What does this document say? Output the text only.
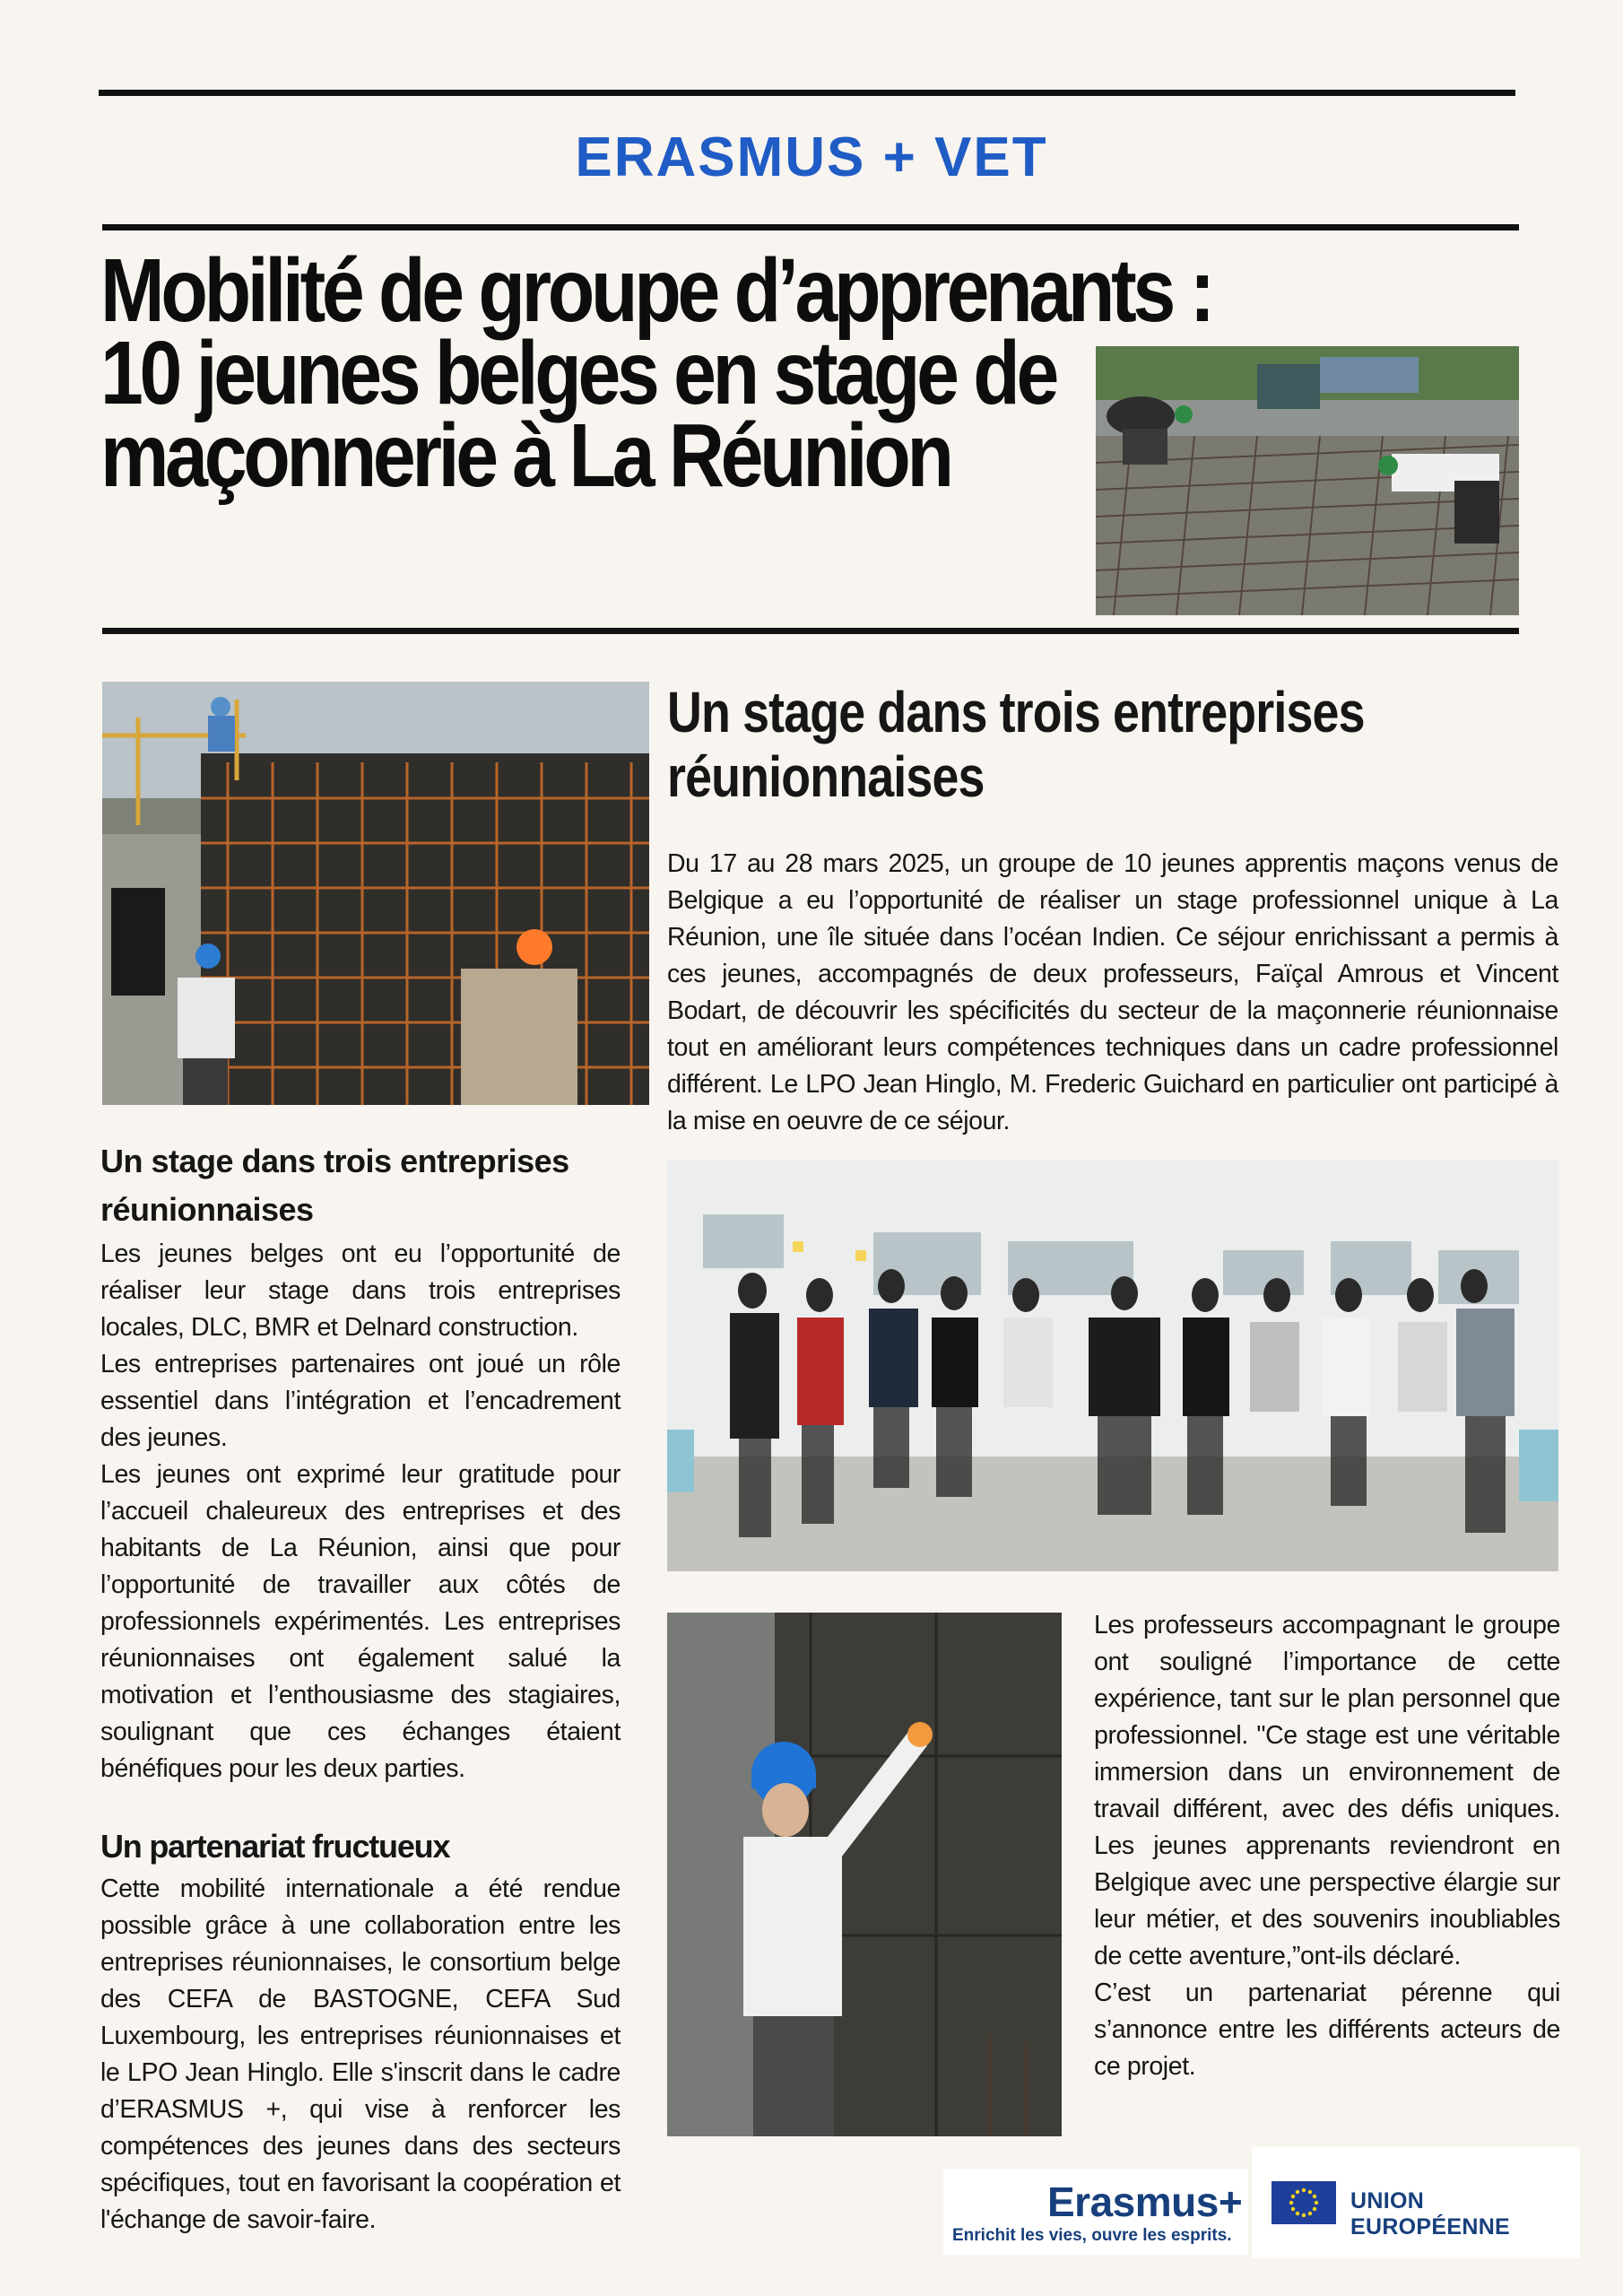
ERASMUS + VET
Mobilité de groupe d’apprenants :
10 jeunes belges en stage de
maçonnerie à La Réunion
Un stage dans trois entreprises
réunionnaises

Du 17 au 28 mars 2025, un groupe de 10 jeunes apprentis maçons venus de Belgique a eu l’opportunité de réaliser un stage professionnel unique à La Réunion, une île située dans l’océan Indien. Ce séjour enrichissant a permis à ces jeunes, accompagnés de deux professeurs, Faïçal Amrous et Vincent Bodart, de découvrir les spécificités du secteur de la maçonnerie réunionnaise tout en améliorant leurs compétences techniques dans un cadre professionnel différent. Le LPO Jean Hinglo, M. Frederic Guichard en particulier ont participé à la mise en oeuvre de ce séjour.

Un stage dans trois entreprises réunionnaises

Les jeunes belges ont eu l’opportunité de réaliser leur stage dans trois entreprises locales, DLC, BMR et Delnard construction.

Les entreprises partenaires ont joué un rôle essentiel dans l’intégration et l’encadrement des jeunes.

Les jeunes ont exprimé leur gratitude pour l’accueil chaleureux des entreprises et des habitants de La Réunion, ainsi que pour l’opportunité de travailler aux côtés de professionnels expérimentés. Les entreprises réunionnaises ont également salué la motivation et l’enthousiasme des stagiaires, soulignant que ces échanges étaient bénéfiques pour les deux parties.

Un partenariat fructueux

Cette mobilité internationale a été rendue possible grâce à une collaboration entre les entreprises réunionnaises, le consortium belge des CEFA de BASTOGNE, CEFA Sud Luxembourg, les entreprises réunionnaises et le LPO Jean Hinglo. Elle s'inscrit dans le cadre d’ERASMUS +, qui vise à renforcer les compétences des jeunes dans des secteurs spécifiques, tout en favorisant la coopération et l'échange de savoir-faire.

Les professeurs accompagnant le groupe ont souligné l’importance de cette expérience, tant sur le plan personnel que professionnel. "Ce stage est une véritable immersion dans un environnement de travail différent, avec des défis uniques. Les jeunes apprenants reviendront en Belgique avec une perspective élargie sur leur métier, et des souvenirs inoubliables de cette aventure,”ont-ils déclaré.

C’est un partenariat pérenne qui s’annonce entre les différents acteurs de ce projet.

Erasmus+
Enrichit les vies, ouvre les esprits.
UNION EUROPÉENNE
